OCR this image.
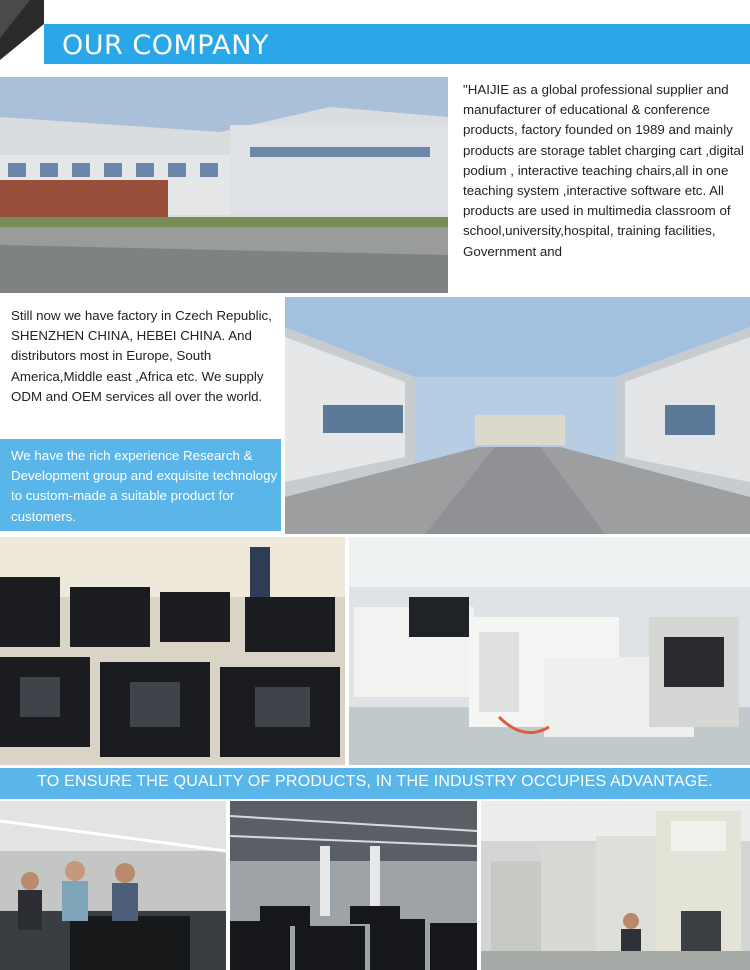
OUR COMPANY
"HAIJIE as a global professional supplier and manufacturer of educational & conference products, factory founded on 1989 and mainly products are storage tablet charging cart ,digital podium , interactive teaching chairs,all in one teaching system ,interactive software etc. All products are used in multimedia classroom of school,university,hospital, training facilities, Government and
Still now we have factory in Czech Republic, SHENZHEN CHINA, HEBEI CHINA. And distributors most in Europe, South America,Middle east ,Africa etc. We supply ODM and OEM services all over the world.
We have the rich experience Research & Development group and exquisite technology to custom-made a suitable product for customers.
TO ENSURE THE QUALITY OF PRODUCTS, IN THE INDUSTRY OCCUPIES ADVANTAGE.
